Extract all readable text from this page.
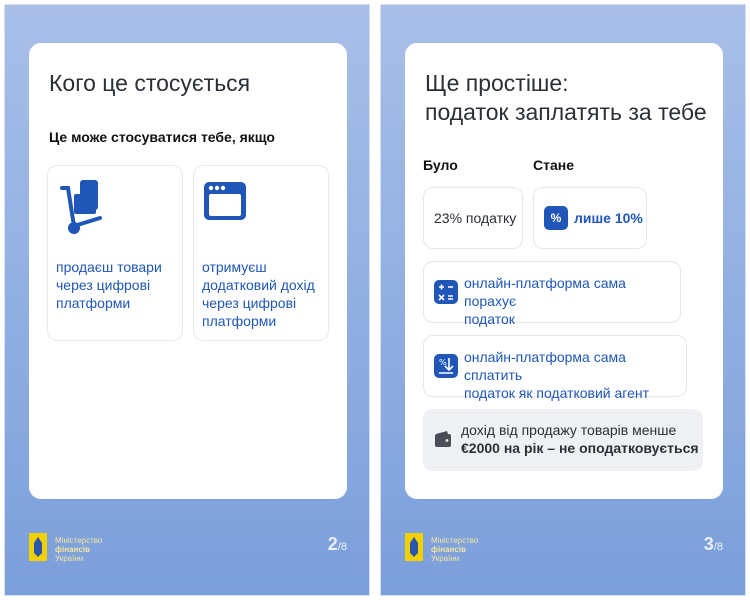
Кого це стосується
Це може стосуватися тебе, якщо
продаєш товари
через цифрові
платформи
отримуєш
додатковий дохід
через цифрові
платформи
Міністерство
фінансів
України
2/8
Ще простіше:
податок заплатять за тебе
Було	Стане
23% податку	% лише 10%
онлайн-платформа сама порахує
податок
% онлайн-платформа сама сплатить
податок як податковий агент
дохід від продажу товарів менше
€2000 на рік – не оподатковується
Міністерство
фінансів
України
3/8
